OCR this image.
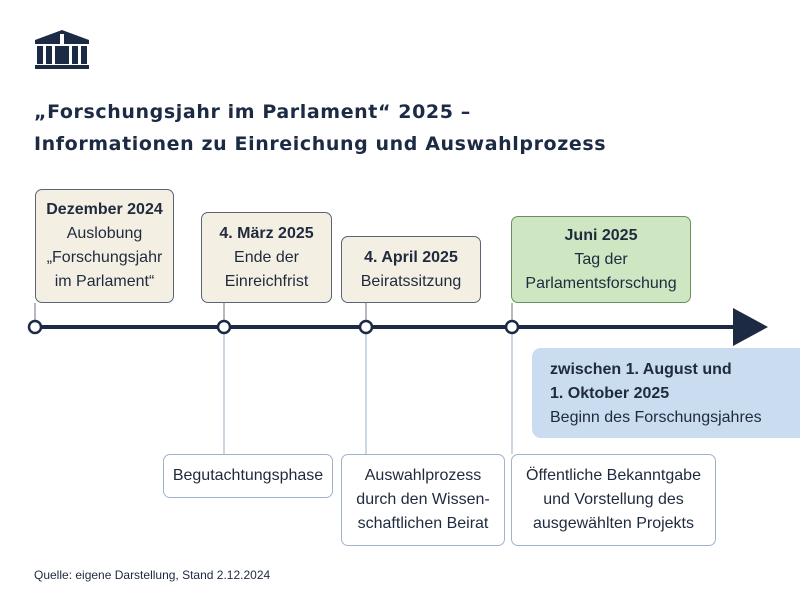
„Forschungsjahr im Parlament“ 2025 –
Informationen zu Einreichung und Auswahlprozess
Dezember 2024
Auslobung
„Forschungsjahr
im Parlament“
4. März 2025
Ende der
Einreichfrist
4. April 2025
Beiratssitzung
Juni 2025
Tag der
Parlamentsforschung
zwischen 1. August und
1. Oktober 2025
Beginn des Forschungsjahres
Begutachtungsphase	Auswahlprozess
durch den Wissen-
schaftlichen Beirat
Öffentliche Bekanntgabe
und Vorstellung des
ausgewählten Projekts
Quelle: eigene Darstellung, Stand 2.12.2024
